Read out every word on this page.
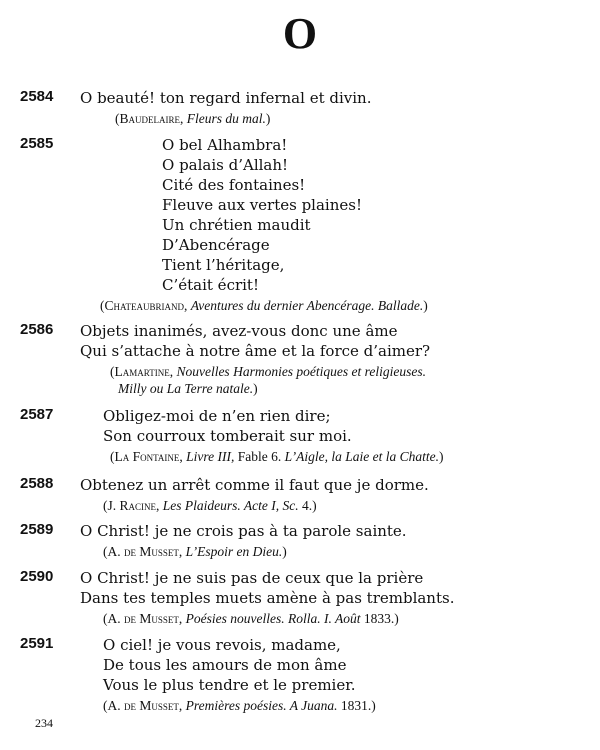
O
2584 O beauté! ton regard infernal et divin.
(Baudelaire, Fleurs du mal.)
2585	O bel Alhambra!
O palais d’Allah!
Cité des fontaines!
Fleuve aux vertes plaines!
Un chrétien maudit
D’Abencérage
Tient l’héritage,
C’était écrit!
(Chateaubriand, Aventures du dernier Abencérage. Ballade.)
2586 Objets inanimés, avez-vous donc une âme
Qui s’attache à notre âme et la force d’aimer?
(Lamartine, Nouvelles Harmonies poétiques et religieuses.
Milly ou La Terre natale.)
2587	Obligez-moi de n’en rien dire;
Son courroux tomberait sur moi.
(La Fontaine, Livre III, Fable 6. L’Aigle, la Laie et la Chatte.)
2588 Obtenez un arrêt comme il faut que je dorme.
(J. Racine, Les Plaideurs. Acte I, Sc. 4.)
2589 O Christ! je ne crois pas à ta parole sainte.
(A. de Musset, L’Espoir en Dieu.)
2590 O Christ! je ne suis pas de ceux que la prière
Dans tes temples muets amène à pas tremblants.
(A. de Musset, Poésies nouvelles. Rolla. I. Août 1833.)
2591	O ciel! je vous revois, madame,
De tous les amours de mon âme
Vous le plus tendre et le premier.
(A. de Musset, Premières poésies. A Juana. 1831.)
234
